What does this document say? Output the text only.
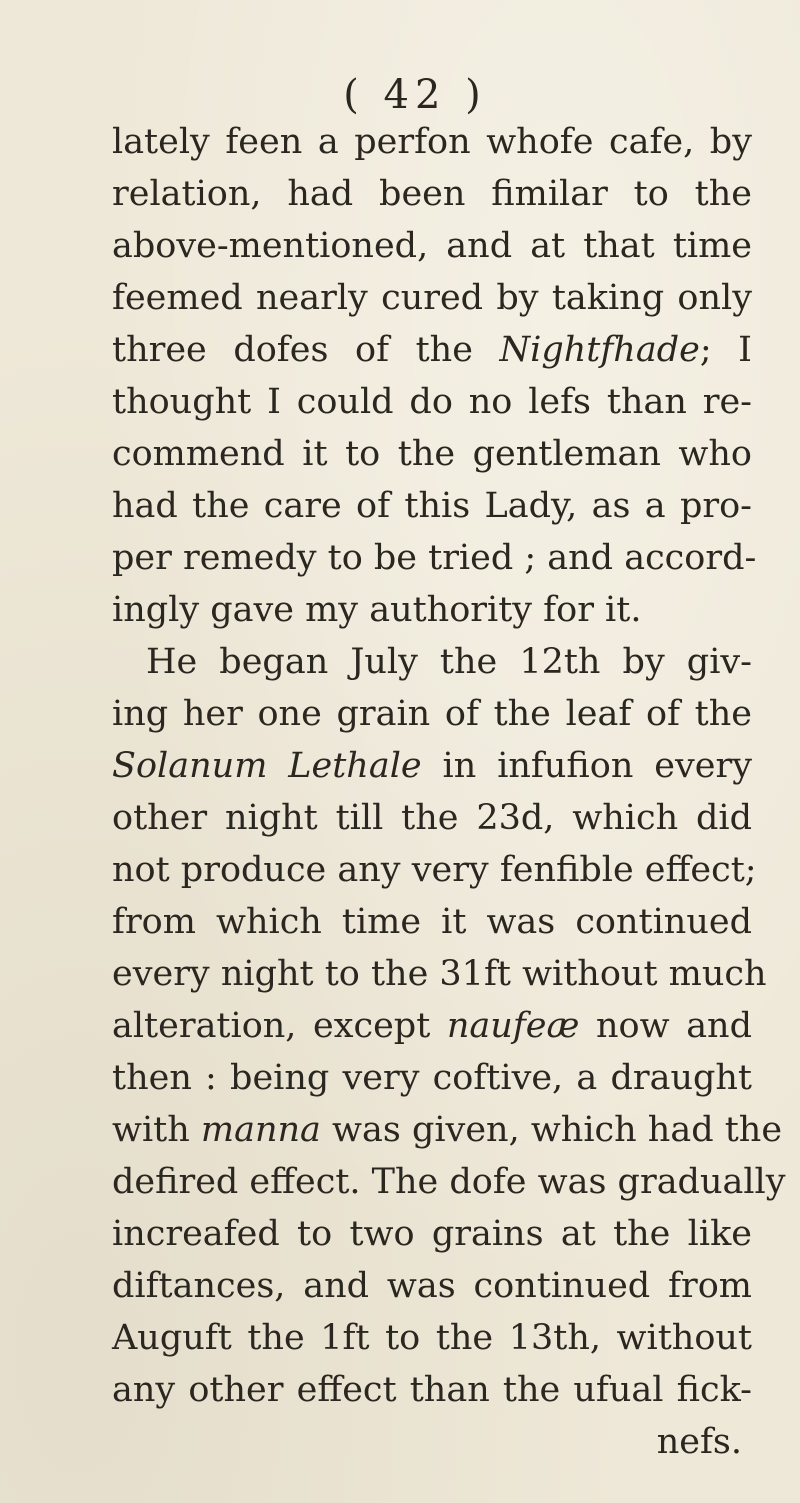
( 42 )
lately feen a perfon whofe cafe, by
relation, had been fimilar to the
above-mentioned, and at that time
feemed nearly cured by taking only
three dofes of the Nightfhade; I
thought I could do no lefs than re-
commend it to the gentleman who
had the care of this Lady, as a pro-
per remedy to be tried ; and accord-
ingly gave my authority for it.
He began July the 12th by giv-
ing her one grain of the leaf of the
Solanum Lethale in infufion every
other night till the 23d, which did
not produce any very fenfible effect;
from which time it was continued
every night to the 31ft without much
alteration, except naufeæ now and
then : being very coftive, a draught
with manna was given, which had the
defired effect. The dofe was gradually
increafed to two grains at the like
diftances, and was continued from
Auguft the 1ft to the 13th, without
any other effect than the ufual fick-
nefs.
